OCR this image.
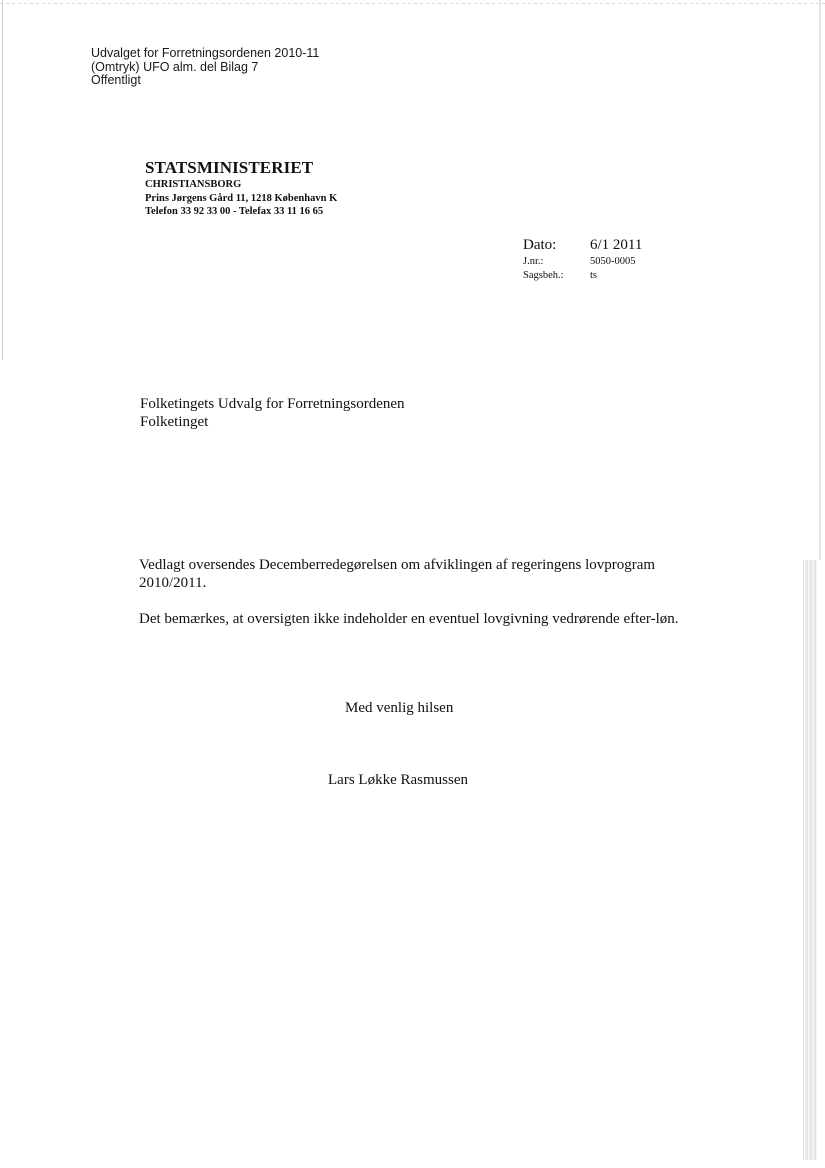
Udvalget for Forretningsordenen 2010-11
(Omtryk) UFO alm. del Bilag 7
Offentligt
STATSMINISTERIET
CHRISTIANSBORG
Prins Jørgens Gård 11, 1218 København K
Telefon 33 92 33 00 - Telefax 33 11 16 65
Dato:	6/1 2011
J.nr.:	5050-0005
Sagsbeh.:	ts
Folketingets Udvalg for Forretningsordenen
Folketinget

Vedlagt oversendes Decemberredegørelsen om afviklingen af regeringens lovprogram 2010/2011.

Det bemærkes, at oversigten ikke indeholder en eventuel lovgivning vedrørende efter-løn.

Med venlig hilsen
Lars Løkke Rasmussen
